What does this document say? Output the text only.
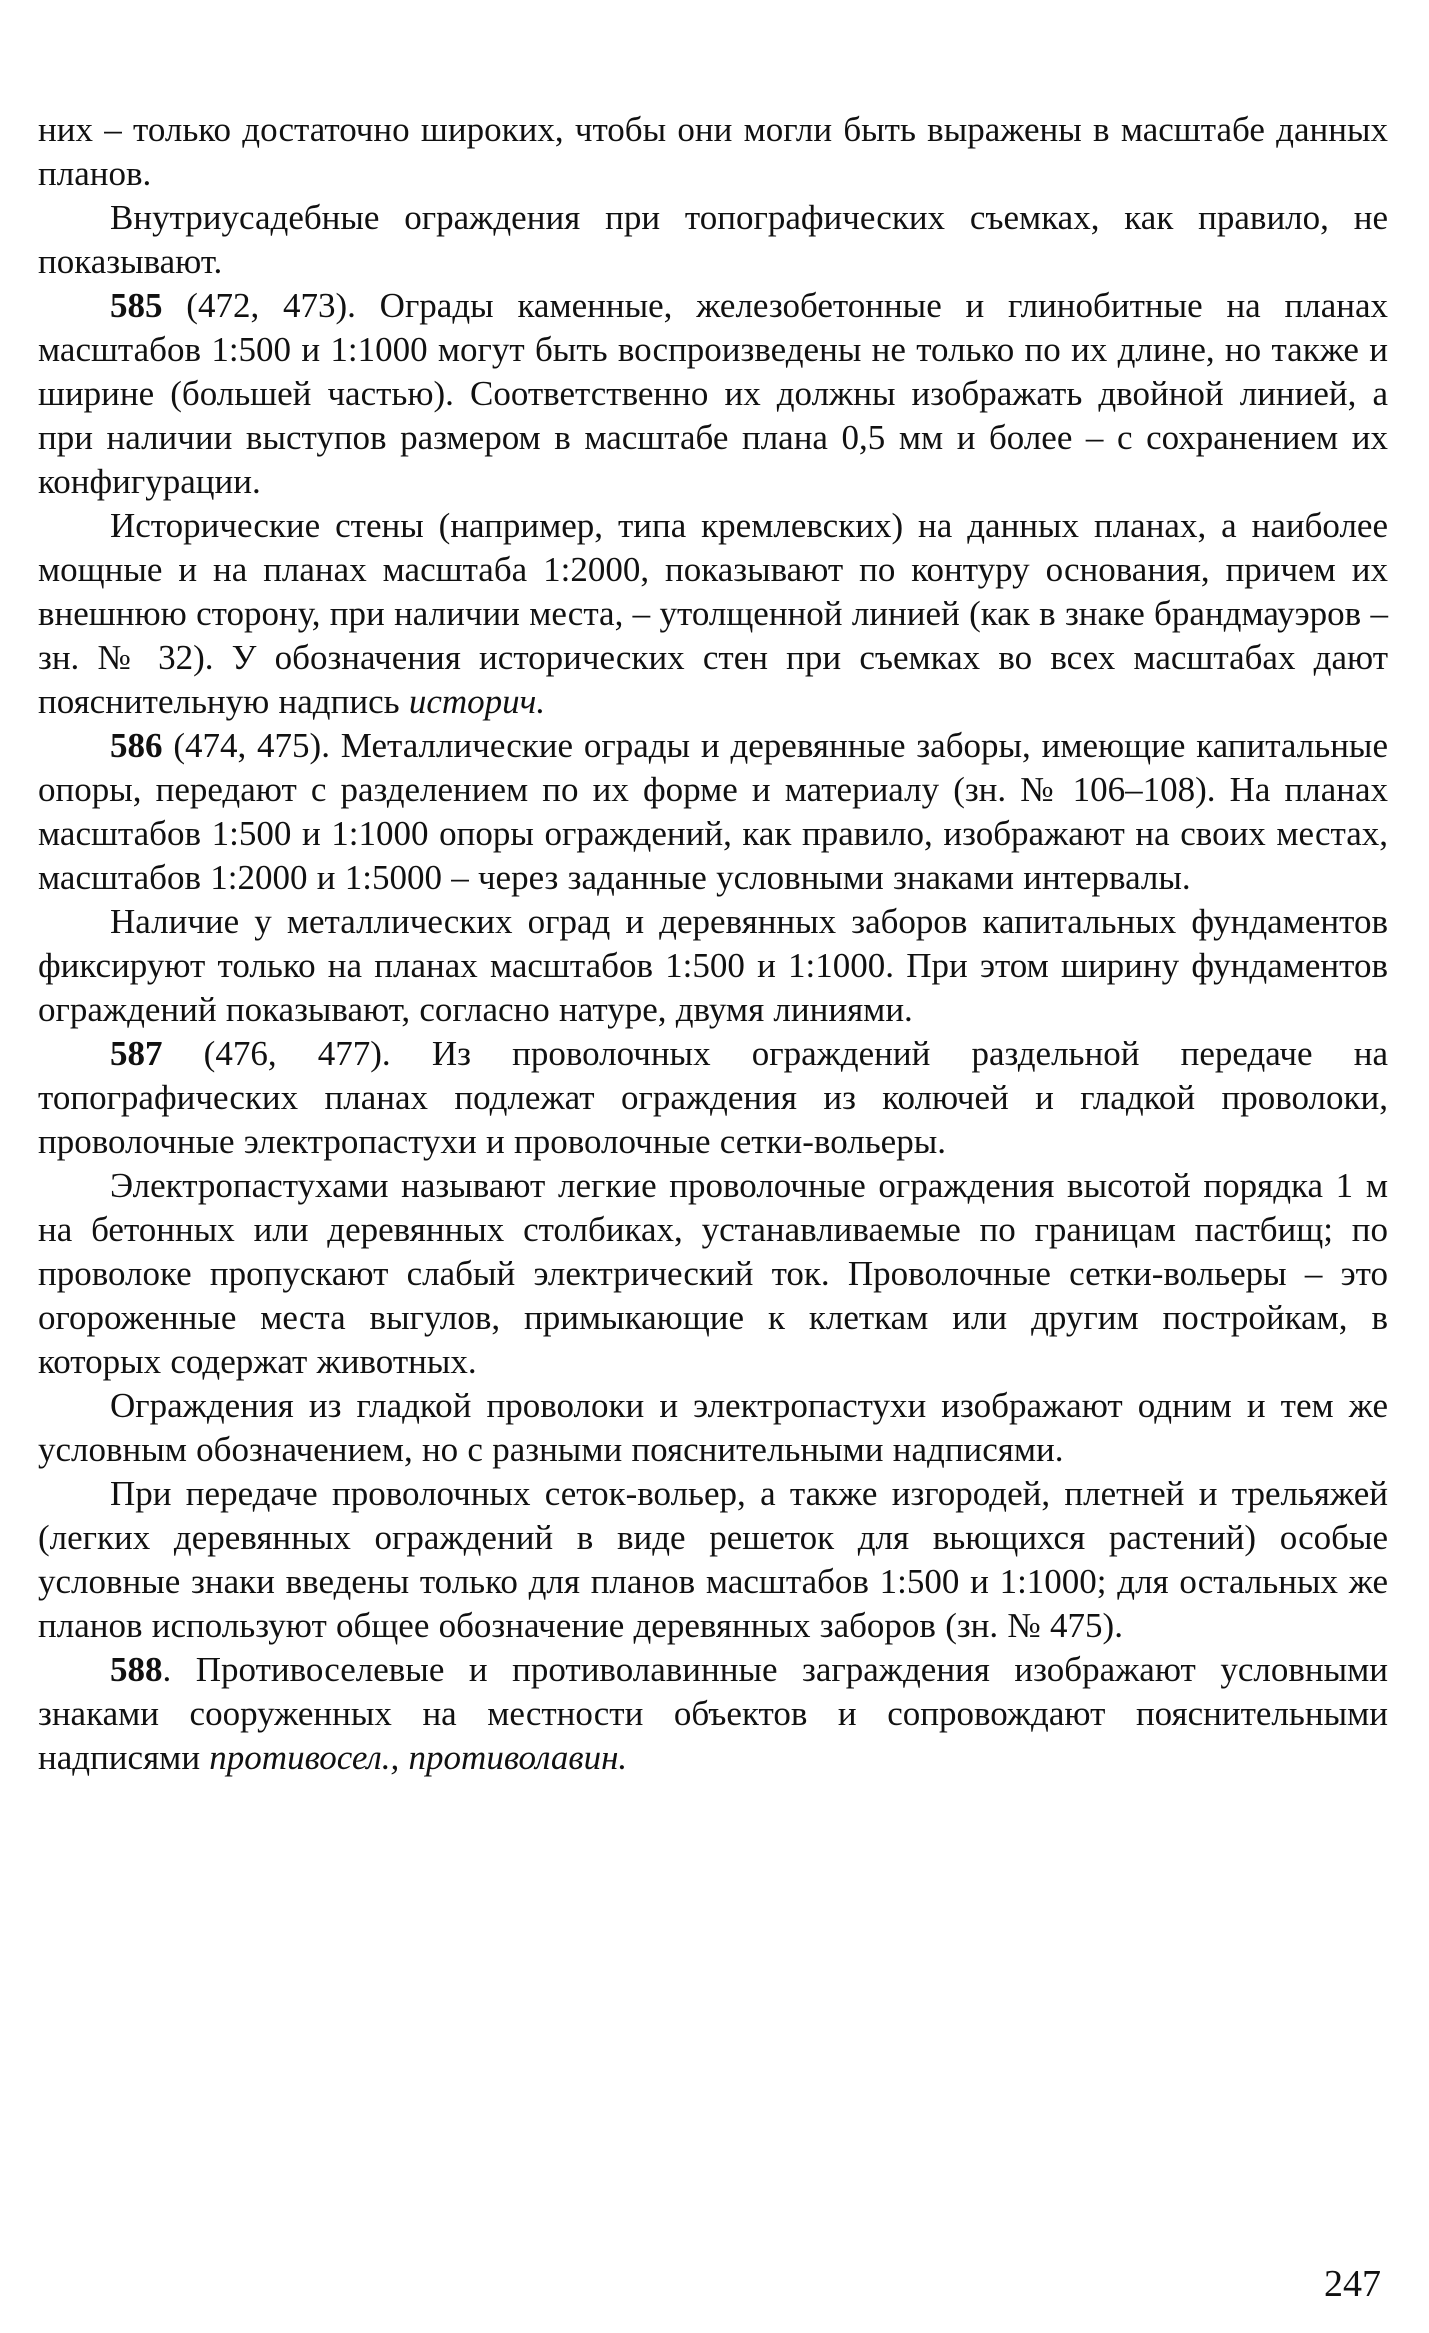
них – только достаточно широких, чтобы они могли быть выражены в масштабе данных планов.

Внутриусадебные ограждения при топографических съемках, как правило, не показывают.

585 (472, 473). Ограды каменные, железобетонные и глинобитные на планах масштабов 1:500 и 1:1000 могут быть воспроизведены не только по их длине, но также и ширине (большей частью). Соответственно их должны изображать двойной линией, а при наличии выступов размером в масштабе плана 0,5 мм и более – с сохранением их конфигурации.

Исторические стены (например, типа кремлевских) на данных планах, а наиболее мощные и на планах масштаба 1:2000, показывают по контуру основания, причем их внешнюю сторону, при наличии места, – утолщенной линией (как в знаке брандмауэров – зн. № 32). У обозначения исторических стен при съемках во всех масштабах дают пояснительную надпись историч.

586 (474, 475). Металлические ограды и деревянные заборы, имеющие капитальные опоры, передают с разделением по их форме и материалу (зн. № 106–108). На планах масштабов 1:500 и 1:1000 опоры ограждений, как правило, изображают на своих местах, масштабов 1:2000 и 1:5000 – через заданные условными знаками интервалы.

Наличие у металлических оград и деревянных заборов капитальных фундаментов фиксируют только на планах масштабов 1:500 и 1:1000. При этом ширину фундаментов ограждений показывают, согласно натуре, двумя линиями.

587 (476, 477). Из проволочных ограждений раздельной передаче на топографических планах подлежат ограждения из колючей и гладкой проволоки, проволочные электропастухи и проволочные сетки-вольеры.

Электропастухами называют легкие проволочные ограждения высотой порядка 1 м на бетонных или деревянных столбиках, устанавливаемые по границам пастбищ; по проволоке пропускают слабый электрический ток. Проволочные сетки-вольеры – это огороженные места выгулов, примыкающие к клеткам или другим постройкам, в которых содержат животных.

Ограждения из гладкой проволоки и электропастухи изображают одним и тем же условным обозначением, но с разными пояснительными надписями.

При передаче проволочных сеток-вольер, а также изгородей, плетней и трельяжей (легких деревянных ограждений в виде решеток для вьющихся растений) особые условные знаки введены только для планов масштабов 1:500 и 1:1000; для остальных же планов используют общее обозначение деревянных заборов (зн. № 475).

588. Противоселевые и противолавинные заграждения изображают условными знаками сооруженных на местности объектов и сопровождают пояснительными надписями противосел., противолавин.

247
